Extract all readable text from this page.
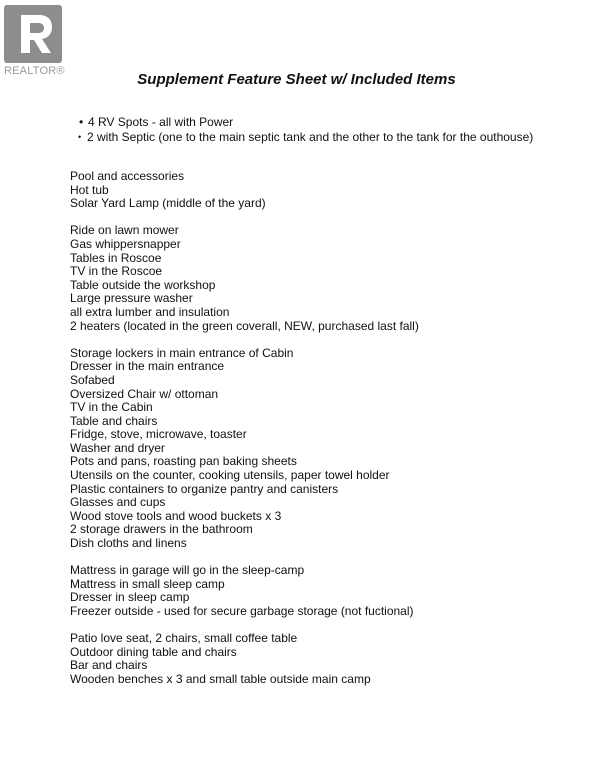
REALTOR®	Supplement Feature Sheet w/ Included Items
• 4 RV Spots - all with Power
• 2 with Septic (one to the main septic tank and the other to the tank for the outhouse)
Pool and accessories
Hot tub
Solar Yard Lamp (middle of the yard)
Ride on lawn mower
Gas whippersnapper
Tables in Roscoe
TV in the Roscoe
Table outside the workshop
Large pressure washer
all extra lumber and insulation
2 heaters (located in the green coverall, NEW, purchased last fall)
Storage lockers in main entrance of Cabin
Dresser in the main entrance
Sofabed
Oversized Chair w/ ottoman
TV in the Cabin
Table and chairs
Fridge, stove, microwave, toaster
Washer and dryer
Pots and pans, roasting pan baking sheets
Utensils on the counter, cooking utensils, paper towel holder
Plastic containers to organize pantry and canisters
Glasses and cups
Wood stove tools and wood buckets x 3
2 storage drawers in the bathroom
Dish cloths and linens
Mattress in garage will go in the sleep-camp
Mattress in small sleep camp
Dresser in sleep camp
Freezer outside - used for secure garbage storage (not fuctional)
Patio love seat, 2 chairs, small coffee table
Outdoor dining table and chairs
Bar and chairs
Wooden benches x 3 and small table outside main camp
